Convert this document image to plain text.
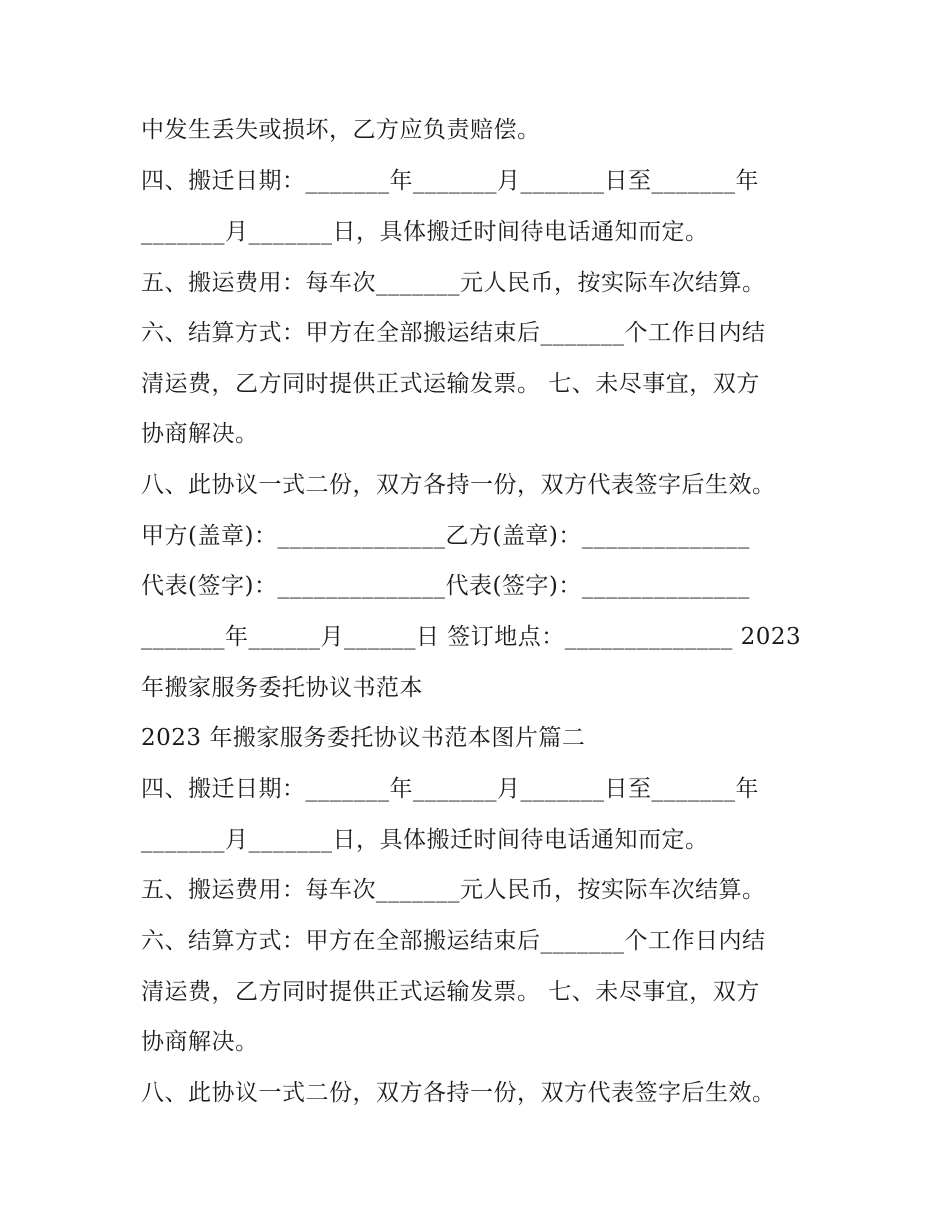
中发生丢失或损坏，乙方应负责赔偿。
四、搬迁日期：_______年_______月_______日至_______年
_______月_______日，具体搬迁时间待电话通知而定。
五、搬运费用：每车次_______元人民币，按实际车次结算。
六、结算方式：甲方在全部搬运结束后_______个工作日内结
清运费，乙方同时提供正式运输发票。 七、未尽事宜，双方
协商解决。
八、此协议一式二份，双方各持一份，双方代表签字后生效。
甲方(盖章)：______________乙方(盖章)：______________
代表(签字)：______________代表(签字)：______________
_______年______月______日 签订地点：______________ 2023
年搬家服务委托协议书范本
2023 年搬家服务委托协议书范本图片篇二
四、搬迁日期：_______年_______月_______日至_______年
_______月_______日，具体搬迁时间待电话通知而定。
五、搬运费用：每车次_______元人民币，按实际车次结算。
六、结算方式：甲方在全部搬运结束后_______个工作日内结
清运费，乙方同时提供正式运输发票。 七、未尽事宜，双方
协商解决。
八、此协议一式二份，双方各持一份，双方代表签字后生效。
